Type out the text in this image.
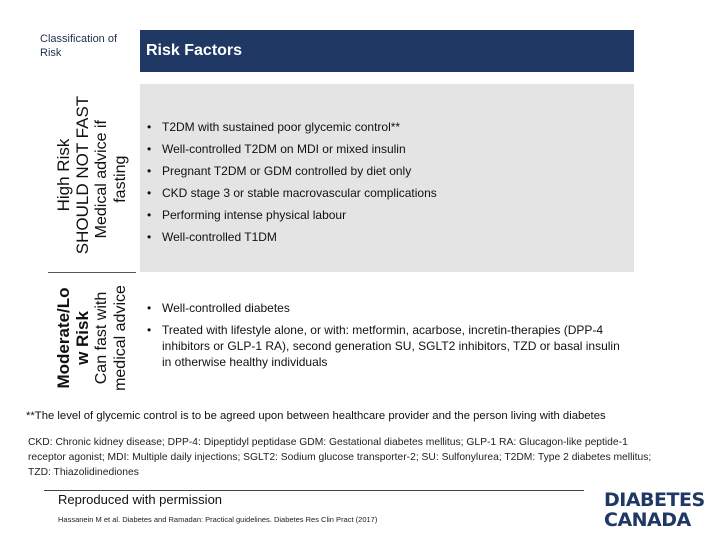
Classification of Risk	Risk Factors
High Risk SHOULD NOT FAST Medical advice if fasting
Moderate/Lo w Risk Can fast with medical advice
• T2DM with sustained poor glycemic control**
• Well-controlled T2DM on MDI or mixed insulin
• Pregnant T2DM or GDM controlled by diet only
• CKD stage 3 or stable macrovascular complications
• Performing intense physical labour
• Well-controlled T1DM
• Well-controlled diabetes
• Treated with lifestyle alone, or with: metformin, acarbose, incretin-therapies (DPP-4 inhibitors or GLP-1 RA), second generation SU, SGLT2 inhibitors, TZD or basal insulin in otherwise healthy individuals
**The level of glycemic control is to be agreed upon between healthcare provider and the person living with diabetes
CKD: Chronic kidney disease; DPP-4: Dipeptidyl peptidase GDM: Gestational diabetes mellitus; GLP-1 RA: Glucagon-like peptide-1 receptor agonist; MDI: Multiple daily injections; SGLT2: Sodium glucose transporter-2; SU: Sulfonylurea; T2DM: Type 2 diabetes mellitus; TZD: Thiazolidinediones
Reproduced with permission
Hassanein M et al. Diabetes and Ramadan: Practical guidelines. Diabetes Res Clin Pract (2017)
DIABETES
CANADA
